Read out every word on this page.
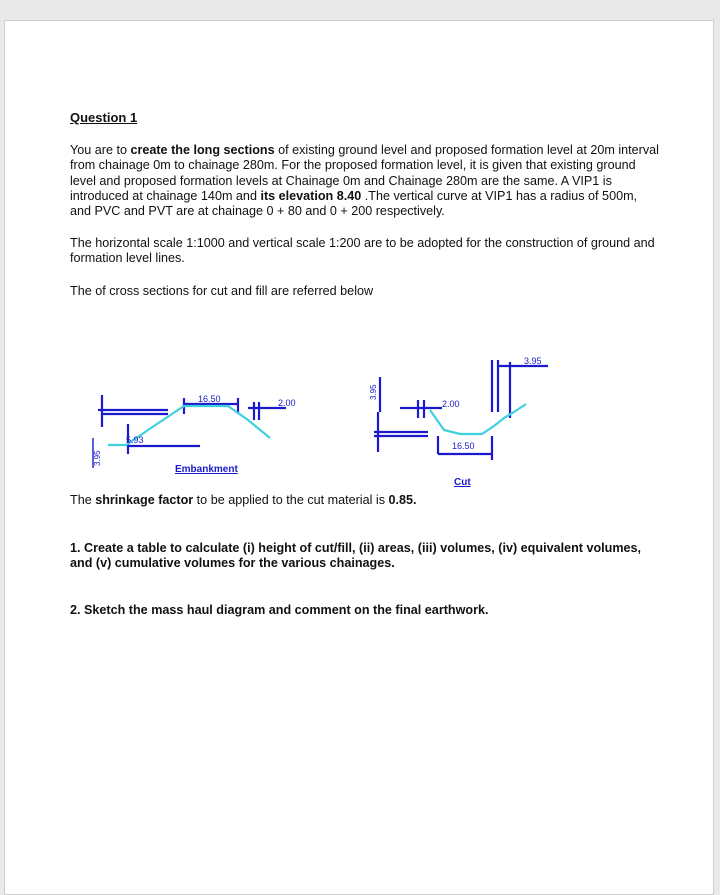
Question 1

You are to create the long sections of existing ground level and proposed formation level at 20m interval from chainage 0m to chainage 280m. For the proposed formation level, it is given that existing ground level and proposed formation levels at Chainage 0m and Chainage 280m are the same. A VIP1 is introduced at chainage 140m and its elevation 8.40 .The vertical curve at VIP1 has a radius of 500m, and PVC and PVT are at chainage 0 + 80 and 0 + 200 respectively.

The horizontal scale 1:1000 and vertical scale 1:200 are to be adopted for the construction of ground and formation level lines.

The of cross sections for cut and fill are referred below

16.50	2.00
5.93
3.95
Embankment
3.95
2.00
16.50
3.95
Cut

The shrinkage factor to be applied to the cut material is 0.85.

1. Create a table to calculate (i) height of cut/fill, (ii) areas, (iii) volumes, (iv) equivalent volumes, and (v) cumulative volumes for the various chainages.

2. Sketch the mass haul diagram and comment on the final earthwork.
